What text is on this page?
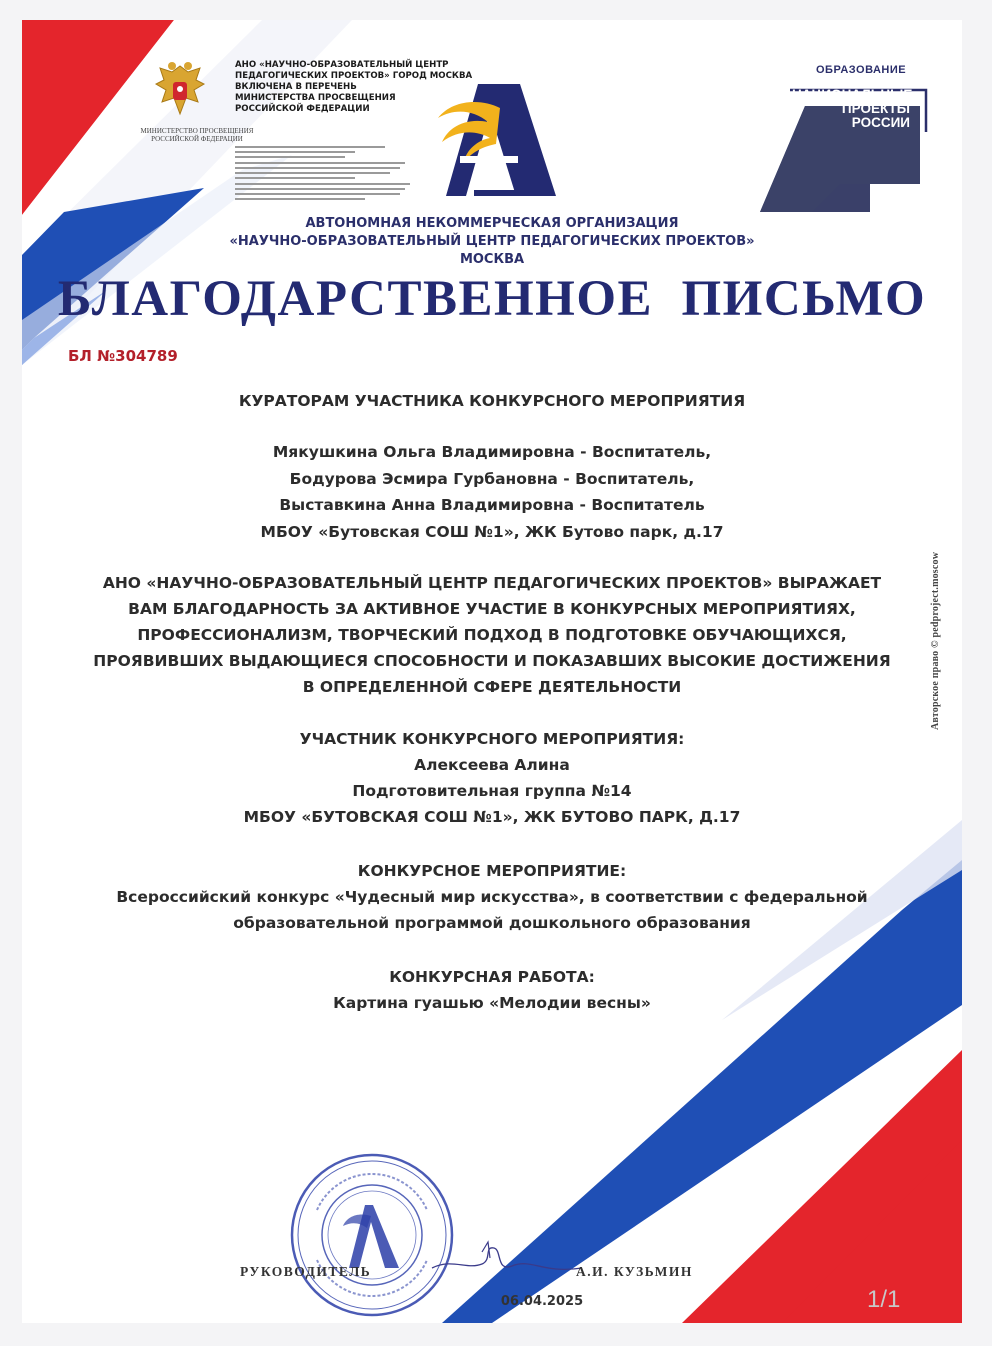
МИНИСТЕРСТВО ПРОСВЕЩЕНИЯ
РОССИЙСКОЙ ФЕДЕРАЦИИ
АНО «НАУЧНО-ОБРАЗОВАТЕЛЬНЫЙ ЦЕНТР
ПЕДАГОГИЧЕСКИХ ПРОЕКТОВ» ГОРОД МОСКВА
ВКЛЮЧЕНА В ПЕРЕЧЕНЬ
МИНИСТЕРСТВА ПРОСВЕЩЕНИЯ
РОССИЙСКОЙ ФЕДЕРАЦИИ
ОБРАЗОВАНИЕ
НАЦИОНАЛЬНЫЕ
ПРОЕКТЫ
РОССИИ
АВТОНОМНАЯ НЕКОММЕРЧЕСКАЯ ОРГАНИЗАЦИЯ
«НАУЧНО-ОБРАЗОВАТЕЛЬНЫЙ ЦЕНТР ПЕДАГОГИЧЕСКИХ ПРОЕКТОВ»
МОСКВА
БЛАГОДАРСТВЕННОЕ  ПИСЬМО
БЛ №304789
КУРАТОРАМ УЧАСТНИКА КОНКУРСНОГО МЕРОПРИЯТИЯ
Мякушкина Ольга Владимировна - Воспитатель,
Бодурова Эсмира Гурбановна - Воспитатель,
Выставкина Анна Владимировна - Воспитатель
МБОУ «Бутовская СОШ №1», ЖК Бутово парк, д.17
АНО «НАУЧНО-ОБРАЗОВАТЕЛЬНЫЙ ЦЕНТР ПЕДАГОГИЧЕСКИХ ПРОЕКТОВ» ВЫРАЖАЕТ
ВАМ БЛАГОДАРНОСТЬ ЗА АКТИВНОЕ УЧАСТИЕ В КОНКУРСНЫХ МЕРОПРИЯТИЯХ,
ПРОФЕССИОНАЛИЗМ, ТВОРЧЕСКИЙ ПОДХОД В ПОДГОТОВКЕ ОБУЧАЮЩИХСЯ,
ПРОЯВИВШИХ ВЫДАЮЩИЕСЯ СПОСОБНОСТИ И ПОКАЗАВШИХ ВЫСОКИЕ ДОСТИЖЕНИЯ
В ОПРЕДЕЛЕННОЙ СФЕРЕ ДЕЯТЕЛЬНОСТИ
УЧАСТНИК КОНКУРСНОГО МЕРОПРИЯТИЯ:
Алексеева Алина
Подготовительная группа №14
МБОУ «БУТОВСКАЯ СОШ №1», ЖК БУТОВО ПАРК, Д.17
КОНКУРСНОЕ МЕРОПРИЯТИЕ:
Всероссийский конкурс «Чудесный мир искусства», в соответствии с федеральной
образовательной программой дошкольного образования
КОНКУРСНАЯ РАБОТА:
Картина гуашью «Мелодии весны»
Авторское право © pedproject.moscow
РУКОВОДИТЕЛЬ	А.И. КУЗЬМИН
06.04.2025	1/1
